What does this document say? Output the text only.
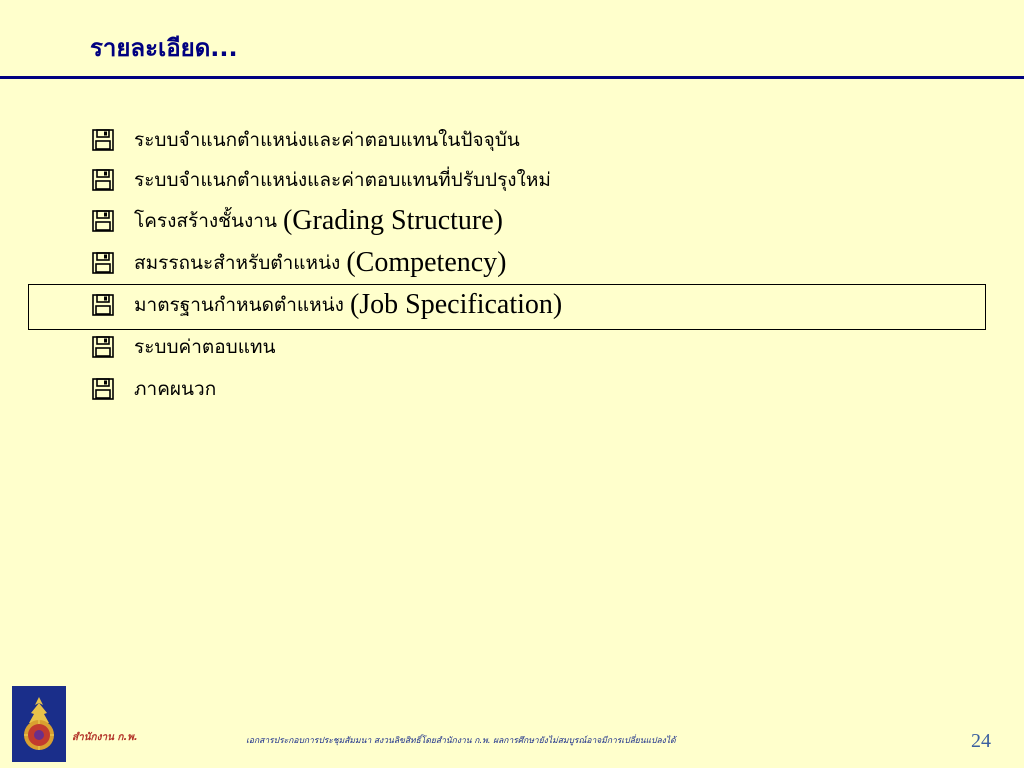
รายละเอียด...
ระบบจำแนกตำแหน่งและค่าตอบแทนในปัจจุบัน
ระบบจำแนกตำแหน่งและค่าตอบแทนที่ปรับปรุงใหม่
โครงสร้างชั้นงาน (Grading Structure)
สมรรถนะสำหรับตำแหน่ง (Competency)
มาตรฐานกำหนดตำแหน่ง (Job Specification)
ระบบค่าตอบแทน
ภาคผนวก
สำนักงาน ก.พ.	เอกสารประกอบการประชุมสัมมนา สงวนลิขสิทธิ์โดยสำนักงาน ก.พ. ผลการศึกษายังไม่สมบูรณ์อาจมีการเปลี่ยนแปลงได้	24
